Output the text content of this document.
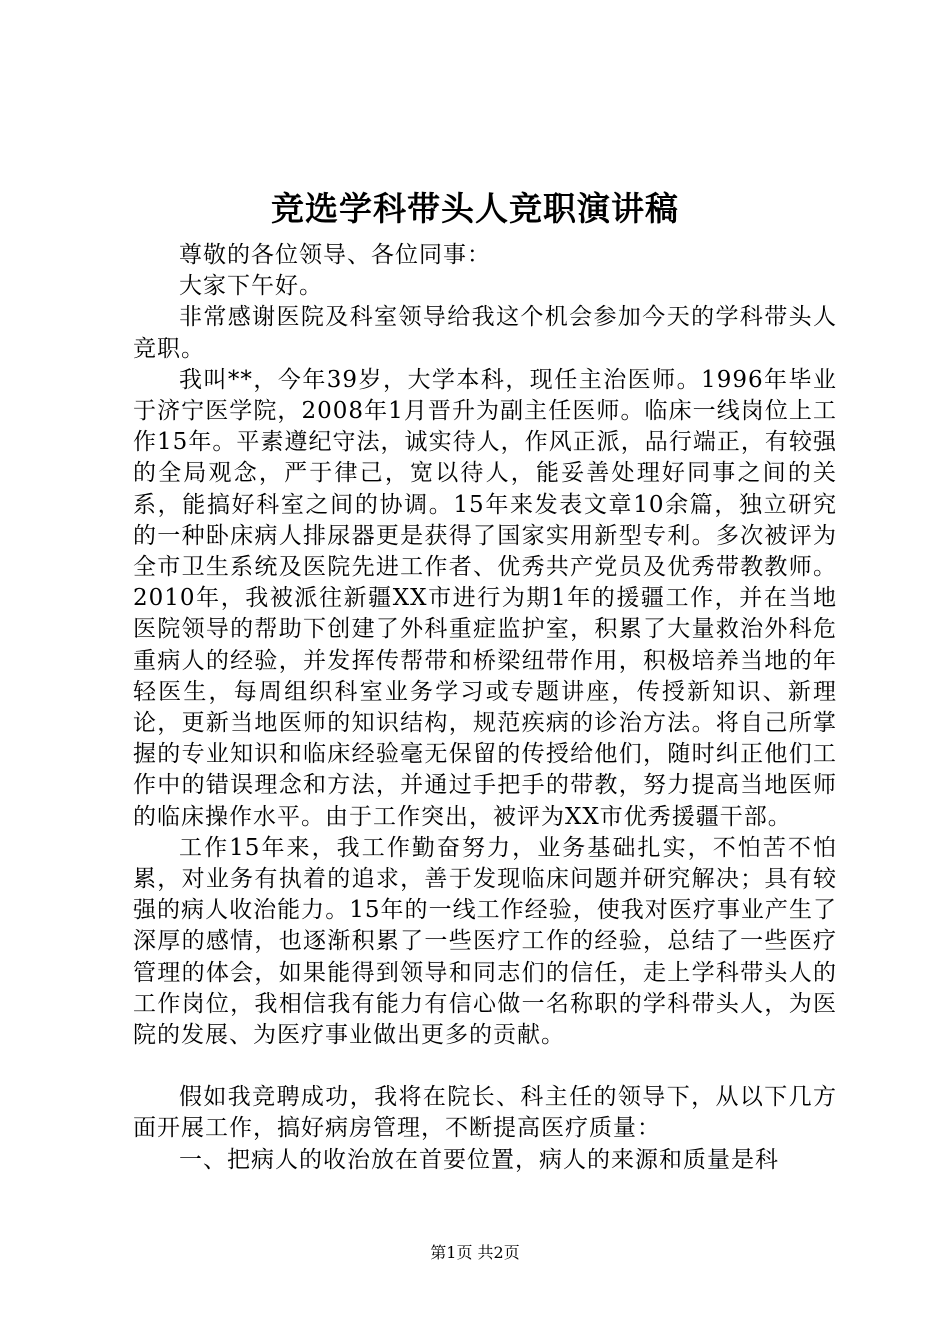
竞选学科带头人竞职演讲稿

尊敬的各位领导、各位同事：

大家下午好。

非常感谢医院及科室领导给我这个机会参加今天的学科带头人竞职。

我叫**，今年39岁，大学本科，现任主治医师。1996年毕业于济宁医学院，2008年1月晋升为副主任医师。临床一线岗位上工作15年。平素遵纪守法，诚实待人，作风正派，品行端正，有较强的全局观念，严于律己，宽以待人，能妥善处理好同事之间的关系，能搞好科室之间的协调。15年来发表文章10余篇，独立研究的一种卧床病人排尿器更是获得了国家实用新型专利。多次被评为全市卫生系统及医院先进工作者、优秀共产党员及优秀带教教师。2010年，我被派往新疆XX市进行为期1年的援疆工作，并在当地医院领导的帮助下创建了外科重症监护室，积累了大量救治外科危重病人的经验，并发挥传帮带和桥梁纽带作用，积极培养当地的年轻医生，每周组织科室业务学习或专题讲座，传授新知识、新理论，更新当地医师的知识结构，规范疾病的诊治方法。将自己所掌握的专业知识和临床经验毫无保留的传授给他们，随时纠正他们工作中的错误理念和方法，并通过手把手的带教，努力提高当地医师的临床操作水平。由于工作突出，被评为XX市优秀援疆干部。

工作15年来，我工作勤奋努力，业务基础扎实，不怕苦不怕累，对业务有执着的追求，善于发现临床问题并研究解决；具有较强的病人收治能力。15年的一线工作经验，使我对医疗事业产生了深厚的感情，也逐渐积累了一些医疗工作的经验，总结了一些医疗管理的体会，如果能得到领导和同志们的信任，走上学科带头人的工作岗位，我相信我有能力有信心做一名称职的学科带头人，为医院的发展、为医疗事业做出更多的贡献。

假如我竞聘成功，我将在院长、科主任的领导下，从以下几方面开展工作，搞好病房管理，不断提高医疗质量：

一、把病人的收治放在首要位置，病人的来源和质量是科

第1页 共2页
